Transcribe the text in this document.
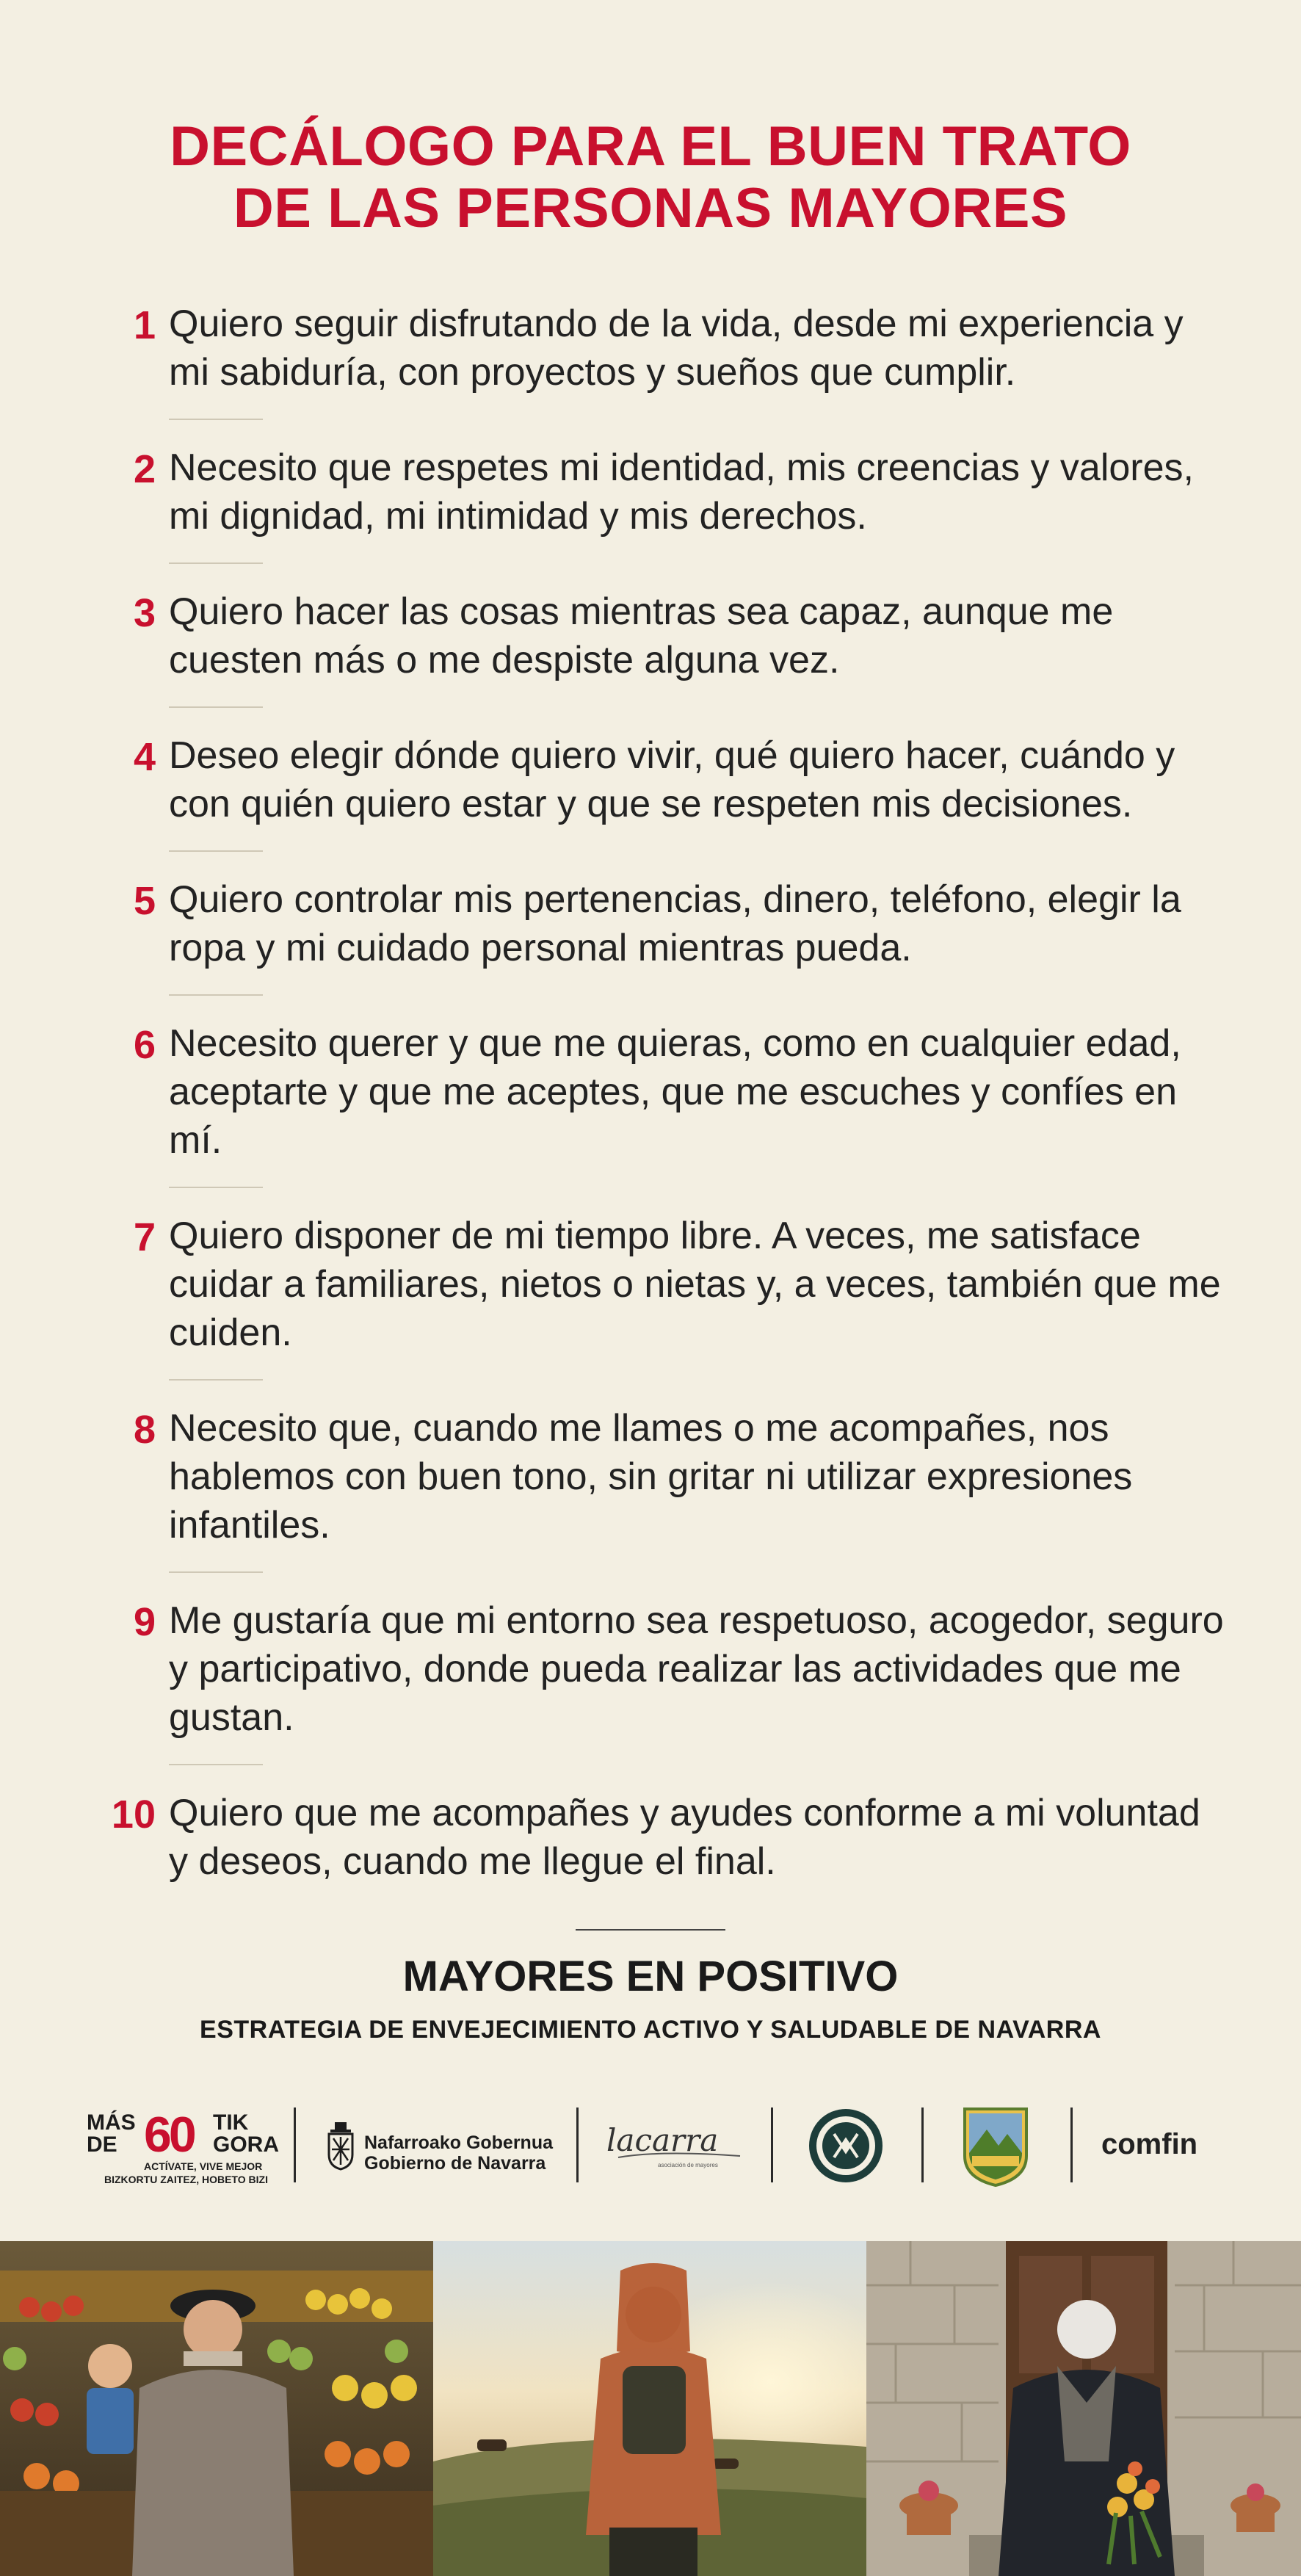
DECÁLOGO PARA EL BUEN TRATO
DE LAS PERSONAS MAYORES
1 Quiero seguir disfrutando de la vida, desde mi experiencia y mi sabiduría, con proyectos y sueños que cumplir.
2 Necesito que respetes mi identidad, mis creencias y valores, mi dignidad, mi intimidad y mis derechos.
3 Quiero hacer las cosas mientras sea capaz, aunque me cuesten más o me despiste alguna vez.
4 Deseo elegir dónde quiero vivir, qué quiero hacer, cuándo y con quién quiero estar y que se respeten mis decisiones.
5 Quiero controlar mis pertenencias, dinero, teléfono, elegir la ropa y mi cuidado personal mientras pueda.
6 Necesito querer y que me quieras, como en cualquier edad, aceptarte y que me aceptes, que me escuches y confíes en mí.
7 Quiero disponer de mi tiempo libre. A veces, me satisface cuidar a familiares, nietos o nietas y, a veces, también que me cuiden.
8 Necesito que, cuando me llames o me acompañes, nos hablemos con buen tono, sin gritar ni utilizar expresiones infantiles.
9 Me gustaría que mi entorno sea respetuoso, acogedor, seguro y participativo, donde pueda realizar las actividades que me gustan.
10 Quiero que me acompañes y ayudes conforme a mi voluntad y deseos, cuando me llegue el final.
MAYORES EN POSITIVO
ESTRATEGIA DE ENVEJECIMIENTO ACTIVO Y SALUDABLE DE NAVARRA
MÁS
DE 60 TIK
GORA
ACTÍVATE, VIVE MEJOR
BIZKORTU ZAITEZ, HOBETO BIZI
Nafarroako Gobernua
Gobierno de Navarra
lacarra
asociación de mayores
comfin
